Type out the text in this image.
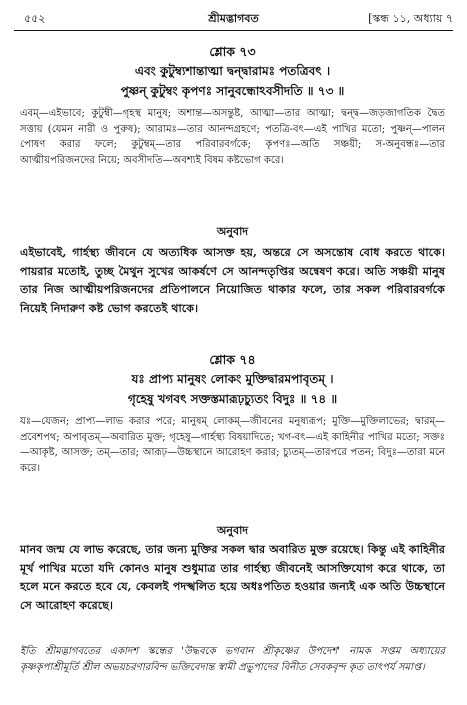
৫৫২	শ্রীমদ্ভাগবত	[স্কন্ধ ১১, অধ্যায় ৭
শ্লোক ৭৩
এবং কুটুম্ব্যশান্তাত্মা দ্বন্দ্বারামঃ পতত্রিবৎ ।
পুষ্ণন্ কুটুম্বং কৃপণঃ সানুবন্ধোঽবসীদতি ॥ ৭৩ ॥
এবম্—এইভাবে; কুটুম্বী—গৃহস্থ মানুষ; অশান্ত—অসন্তুষ্ট, আত্মা—তার আত্মা; দ্বন্দ্ব—জড়জাগতিক দ্বৈত সত্তায় (যেমন নারী ও পুরুষ); আরামঃ—তার আনন্দগ্রহণে; পতত্রি-বৎ—এই পাখির মতো; পুষ্ণন্—পালন পোষণ করার ফলে; কুটুম্বম্—তার পরিবারবর্গকে; কৃপণঃ—অতি সঞ্চয়ী; স-অনুবন্ধঃ—তার আত্মীয়পরিজনদের নিয়ে; অবসীদতি—অবশ্যই বিষম কষ্টভোগ করে।
অনুবাদ
এইভাবেই, গার্হস্থ্য জীবনে যে অত্যধিক আসক্ত হয়, অন্তরে সে অসন্তোষ বোধ করতে থাকে। পায়রার মতোই, তুচ্ছ মৈথুন সুখের আকর্ষণে সে আনন্দতৃপ্তির অন্বেষণ করে। অতি সঞ্চয়ী মানুষ তার নিজ আত্মীয়পরিজনদের প্রতিপালনে নিয়োজিত থাকার ফলে, তার সকল পরিবারবর্গকে নিয়েই নিদারুণ কষ্ট ভোগ করতেই থাকে।
শ্লোক ৭৪
যঃ প্রাপ্য মানুষং লোকং মুক্তিদ্বারমপাবৃতম্ ।
গৃহেষু খগবৎ সক্তস্তমারূঢ়চ্যুতং বিদুঃ ॥ ৭৪ ॥
যঃ—যেজন; প্রাপ্য—লাভ করার পরে; মানুষম্ লোকম্—জীবনের মনুষ্যরূপ; মুক্তি—মুক্তিলাভের; দ্বারম্—প্রবেশপথ; অপাবৃতম্—অবারিত মুক্ত; গৃহেষু—গার্হস্থ্য বিষয়াদিতে; খগ-বৎ—এই কাহিনীর পাখির মতো; সক্তঃ—আকৃষ্ট, আসক্ত; তম্—তার; আরূঢ়—উচ্চস্থানে আরোহণ করার; চ্যুতম্—তারপরে পতন; বিদুঃ—তারা মনে করে।
অনুবাদ
মানব জন্ম যে লাভ করেছে, তার জন্য মুক্তির সকল দ্বার অবারিত মুক্ত রয়েছে। কিন্তু এই কাহিনীর মূর্খ পাখির মতো যদি কোনও মানুষ শুধুমাত্র তার গার্হস্থ্য জীবনেই আসক্তিযোগ করে থাকে, তা হলে মনে করতে হবে যে, কেবলই পদস্খলিত হয়ে অধঃপতিত হওয়ার জন্যই এক অতি উচ্চস্থানে সে আরোহণ করেছে।
ইতি শ্রীমদ্ভাগবতের একাদশ স্কন্ধের 'উদ্ধবকে ভগবান শ্রীকৃষ্ণের উপদেশ' নামক সপ্তম অধ্যায়ের কৃষ্ণকৃপাশ্রীমূর্তি শ্রীল অভয়চরণারবিন্দ ভক্তিবেদান্ত স্বামী প্রভুপাদের বিনীত সেবকবৃন্দ কৃত তাৎপর্য সমাপ্ত।
